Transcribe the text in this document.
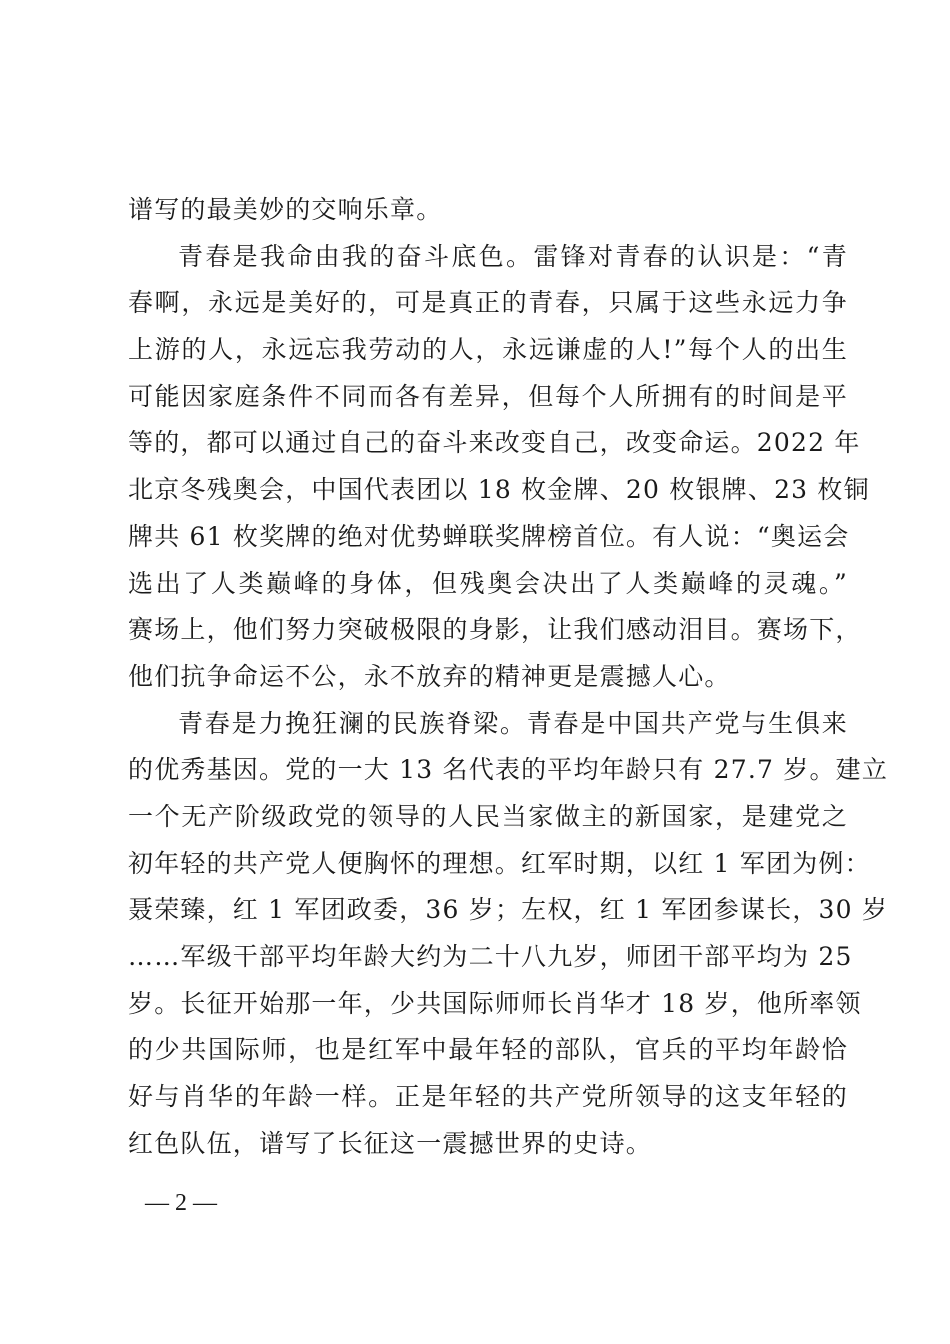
谱写的最美妙的交响乐章。
青春是我命由我的奋斗底色。雷锋对青春的认识是：“青
春啊，永远是美好的，可是真正的青春，只属于这些永远力争
上游的人，永远忘我劳动的人，永远谦虚的人!”每个人的出生
可能因家庭条件不同而各有差异，但每个人所拥有的时间是平
等的，都可以通过自己的奋斗来改变自己，改变命运。2022 年
北京冬残奥会，中国代表团以 18 枚金牌、20 枚银牌、23 枚铜
牌共 61 枚奖牌的绝对优势蝉联奖牌榜首位。有人说：“奥运会
选出了人类巅峰的身体，但残奥会决出了人类巅峰的灵魂。”
赛场上，他们努力突破极限的身影，让我们感动泪目。赛场下，
他们抗争命运不公，永不放弃的精神更是震撼人心。
青春是力挽狂澜的民族脊梁。青春是中国共产党与生俱来
的优秀基因。党的一大 13 名代表的平均年龄只有 27.7 岁。建立
一个无产阶级政党的领导的人民当家做主的新国家，是建党之
初年轻的共产党人便胸怀的理想。红军时期，以红 1 军团为例：
聂荣臻，红 1 军团政委，36 岁；左权，红 1 军团参谋长，30 岁
……军级干部平均年龄大约为二十八九岁，师团干部平均为 25
岁。长征开始那一年，少共国际师师长肖华才 18 岁，他所率领
的少共国际师，也是红军中最年轻的部队，官兵的平均年龄恰
好与肖华的年龄一样。正是年轻的共产党所领导的这支年轻的
红色队伍，谱写了长征这一震撼世界的史诗。
— 2 —
